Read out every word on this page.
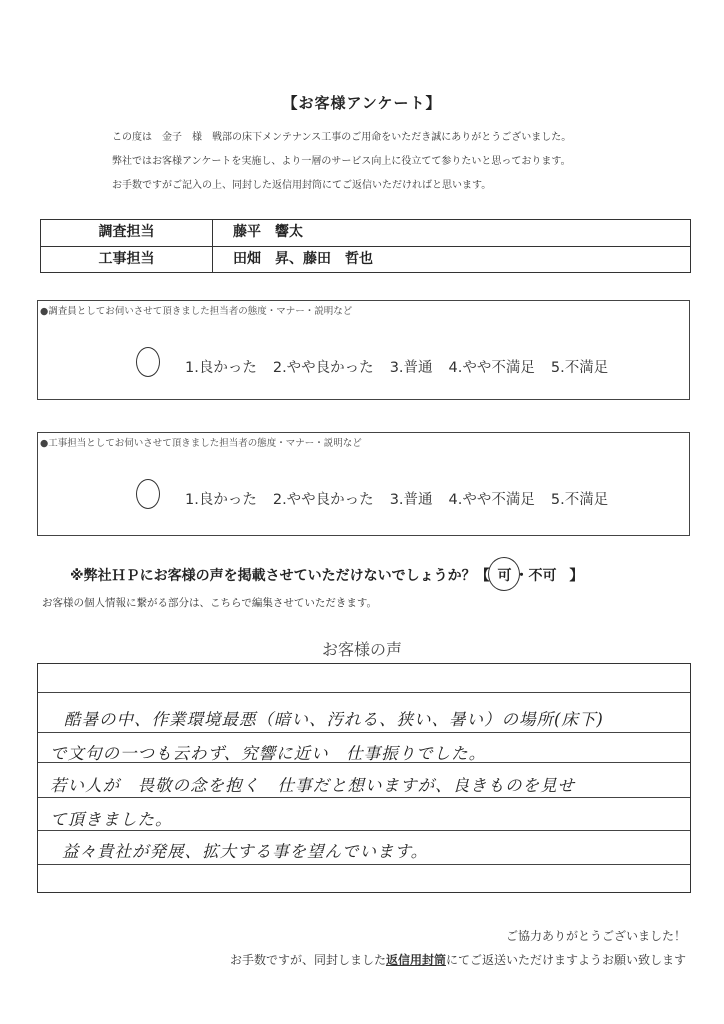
【お客様アンケート】
この度は　金子　様　戦部の床下メンテナンス工事のご用命をいただき誠にありがとうございました。
弊社ではお客様アンケートを実施し、より一層のサービス向上に役立てて参りたいと思っております。
お手数ですがご記入の上、同封した返信用封筒にてご返信いただければと思います。
調査担当	藤平　響太
工事担当	田畑　昇、藤田　哲也
●調査員としてお伺いさせて頂きました担当者の態度・マナー・説明など
1.良かった 2.やや良かった 3.普通 4.やや不満足 5.不満足
●工事担当としてお伺いさせて頂きました担当者の態度・マナー・説明など
1.良かった 2.やや良かった 3.普通 4.やや不満足 5.不満足
※弊社ＨＰにお客様の声を掲載させていただけないでしょうか？【 可 ・不可 】
お客様の個人情報に繋がる部分は、こちらで編集させていただきます。
お客様の声
酷暑の中、作業環境最悪（暗い、汚れる、狭い、暑い）の場所(床下)
で文句の一つも云わず、究響に近い　仕事振りでした。
若い人が　畏敬の念を抱く　仕事だと想いますが、良きものを見せ
て頂きました。
益々貴社が発展、拡大する事を望んでいます。
ご協力ありがとうございました！
お手数ですが、同封しました返信用封筒にてご返送いただけますようお願い致します
